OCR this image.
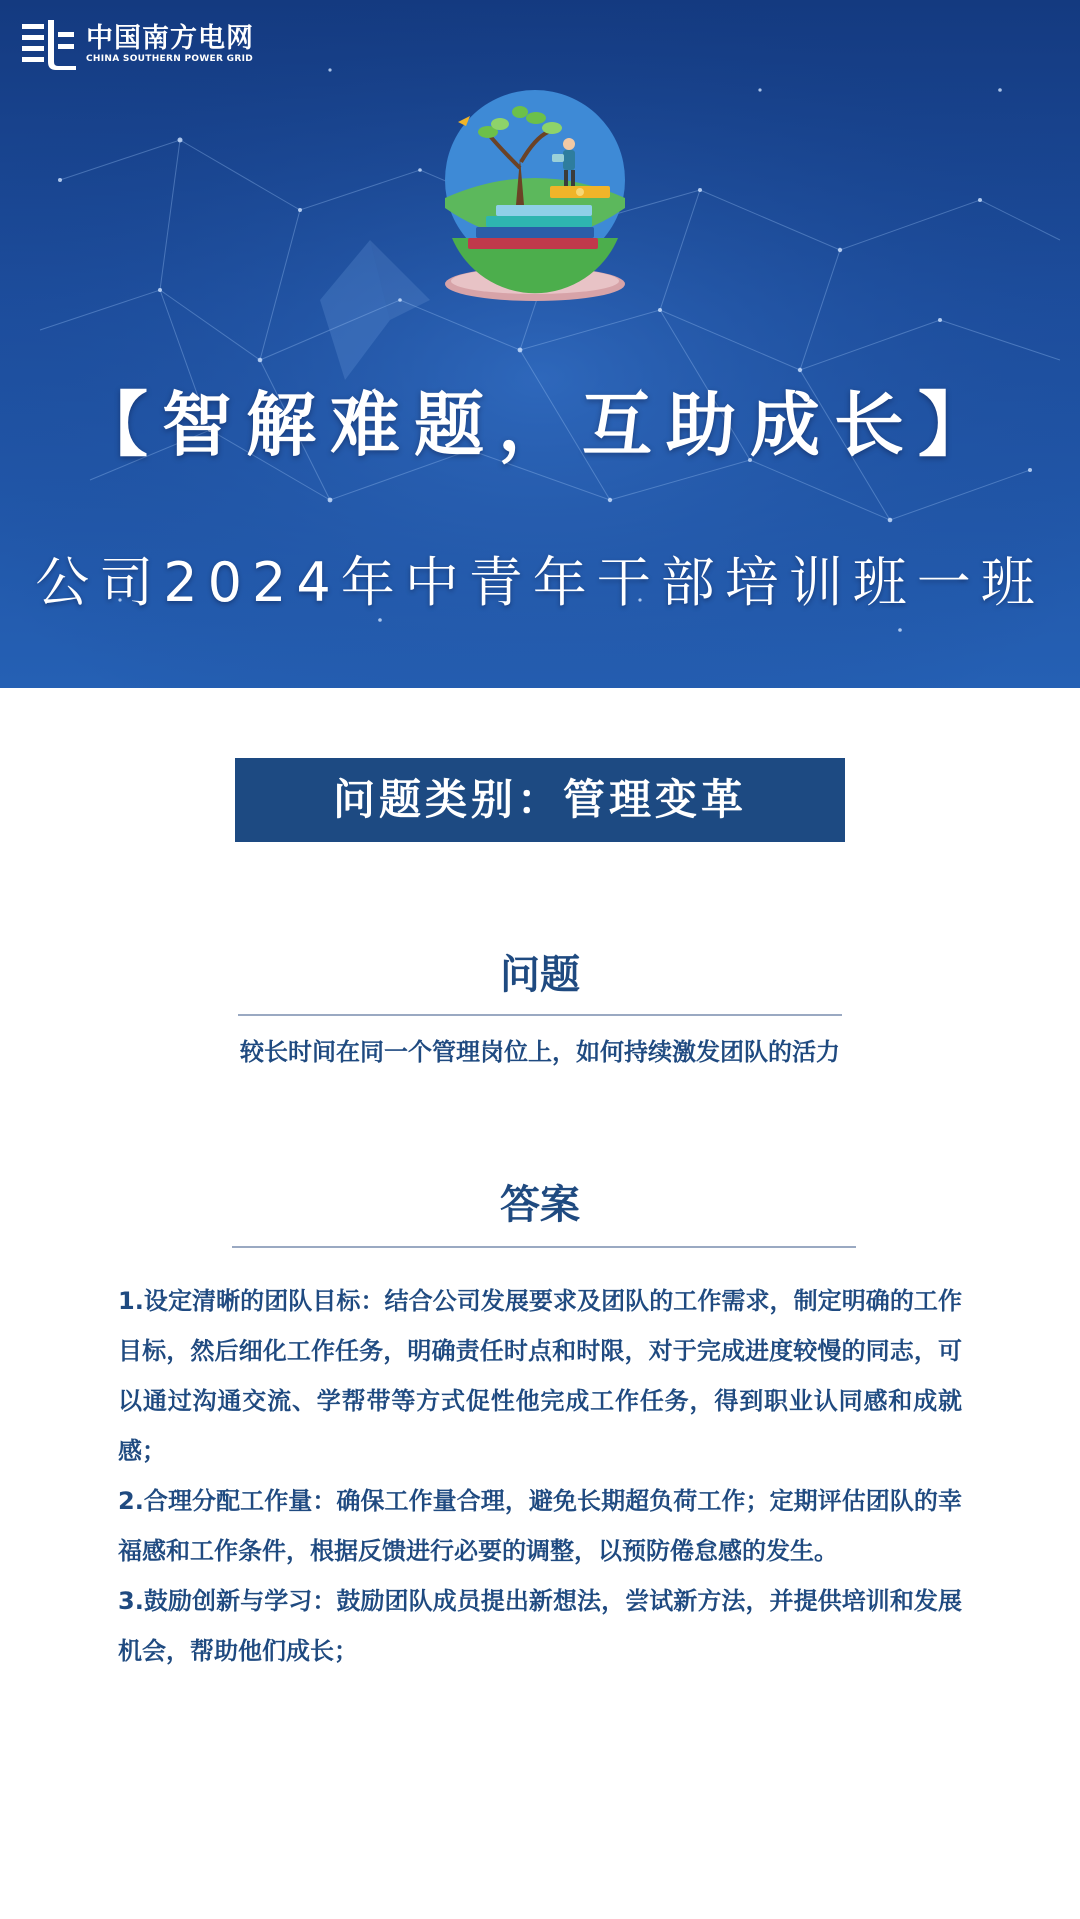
中国南方电网
CHINA SOUTHERN POWER GRID
【智解难题，互助成长】
公司2024年中青年干部培训班一班
问题类别：管理变革
问题
较长时间在同一个管理岗位上，如何持续激发团队的活力
答案

1.设定清晰的团队目标：结合公司发展要求及团队的工作需求，制定明确的工作目标，然后细化工作任务，明确责任时点和时限，对于完成进度较慢的同志，可以通过沟通交流、学帮带等方式促性他完成工作任务，得到职业认同感和成就感；

2.合理分配工作量：确保工作量合理，避免长期超负荷工作；定期评估团队的幸福感和工作条件，根据反馈进行必要的调整，以预防倦怠感的发生。

3.鼓励创新与学习：鼓励团队成员提出新想法，尝试新方法，并提供培训和发展机会，帮助他们成长；
